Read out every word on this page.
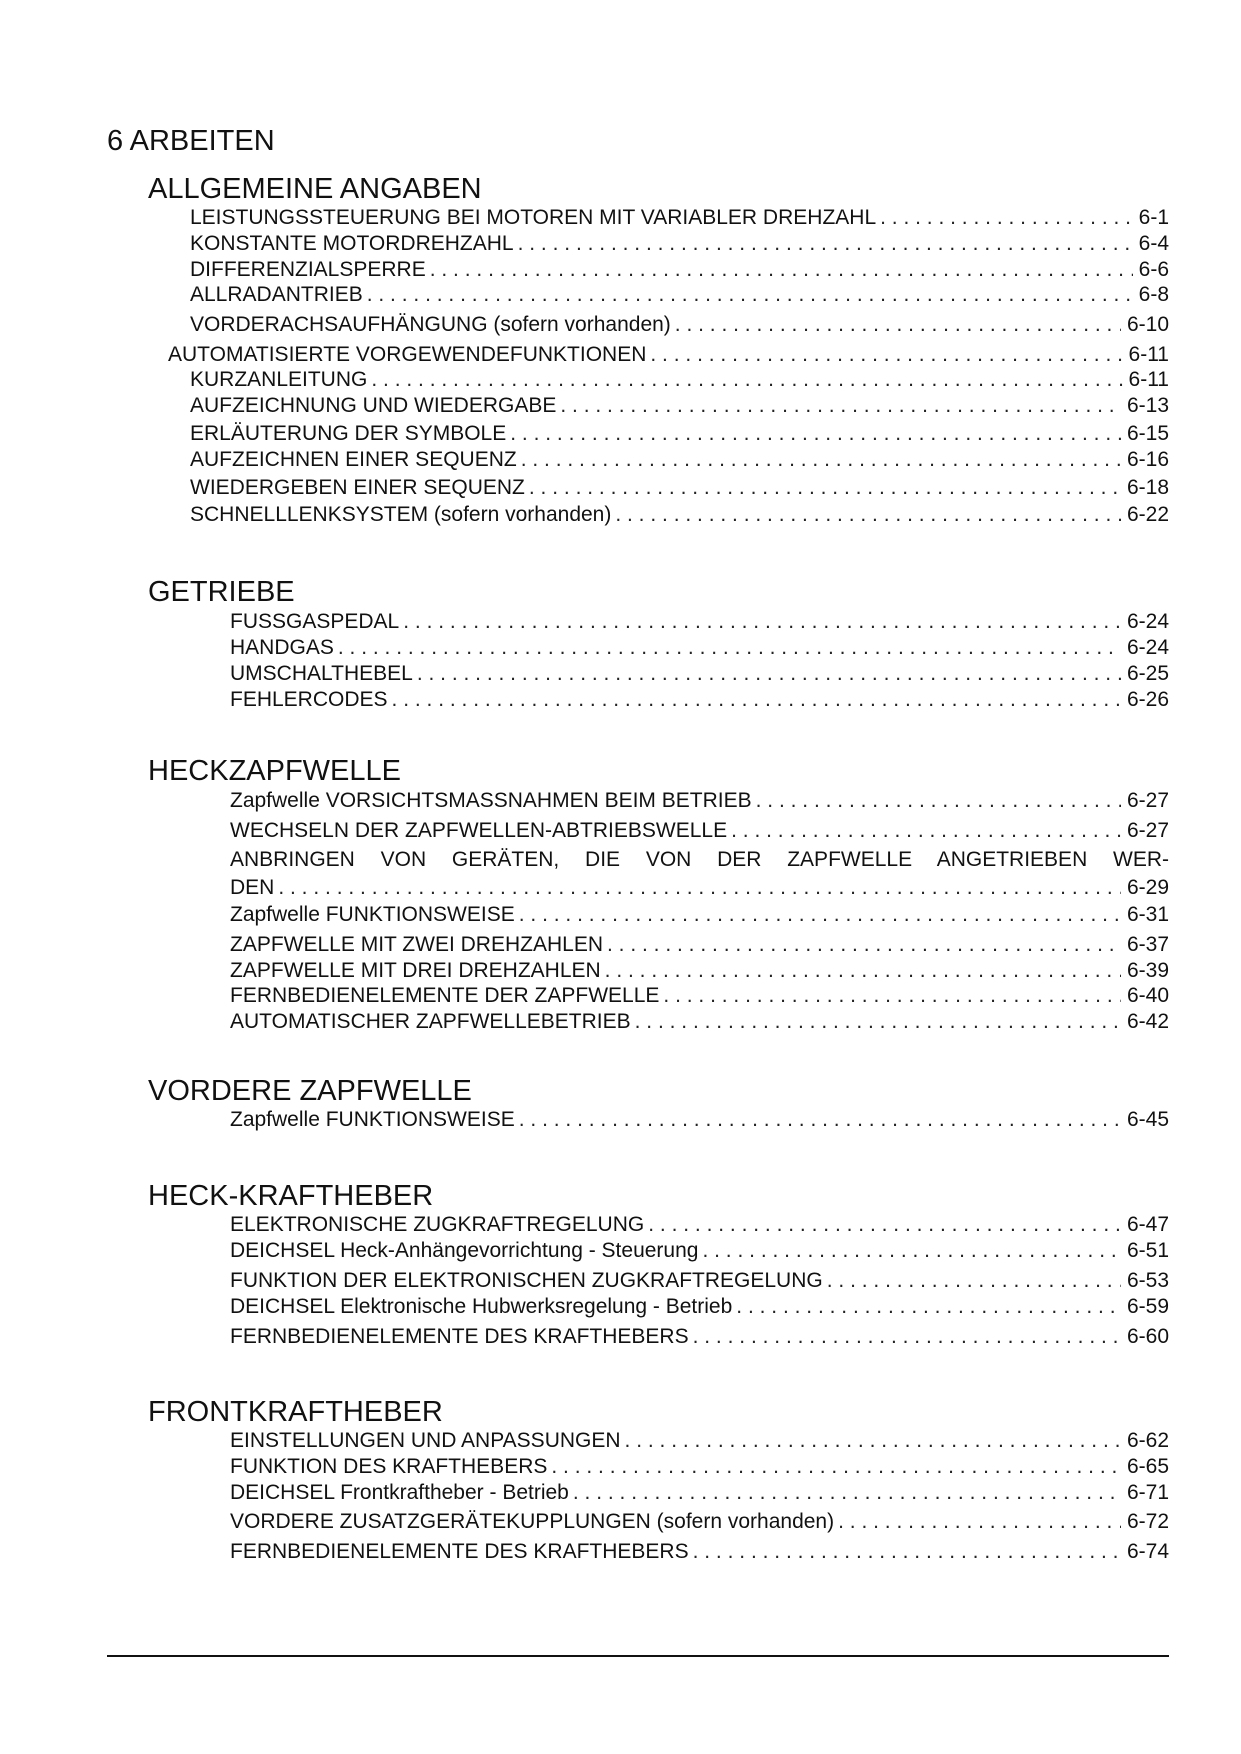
6 ARBEITEN
ALLGEMEINE ANGABEN
LEISTUNGSSTEUERUNG BEI MOTOREN MIT VARIABLER DREHZAHL . . .	6-1
KONSTANTE MOTORDREHZAHL . . .	6-4
DIFFERENZIALSPERRE . . .	6-6
ALLRADANTRIEB . . .	6-8
VORDERACHSAUFHÄNGUNG (sofern vorhanden) . . .	6-10
AUTOMATISIERTE VORGEWENDEFUNKTIONEN . . .	6-11
KURZANLEITUNG . . .	6-11
AUFZEICHNUNG UND WIEDERGABE . . .	6-13
ERLÄUTERUNG DER SYMBOLE . . .	6-15
AUFZEICHNEN EINER SEQUENZ . . .	6-16
WIEDERGEBEN EINER SEQUENZ . . .	6-18
SCHNELLLENKSYSTEM (sofern vorhanden) . . .	6-22
GETRIEBE
FUSSGASPEDAL . . .	6-24
HANDGAS . . .	6-24
UMSCHALTHEBEL . . .	6-25
FEHLERCODES . . .	6-26
HECKZAPFWELLE
Zapfwelle VORSICHTSMASSNAHMEN BEIM BETRIEB . . .	6-27
WECHSELN DER ZAPFWELLEN-ABTRIEBSWELLE . . .	6-27
ANBRINGEN VON GERÄTEN, DIE VON DER ZAPFWELLE ANGETRIEBEN WER-
DEN . . .	6-29
Zapfwelle FUNKTIONSWEISE . . .	6-31
ZAPFWELLE MIT ZWEI DREHZAHLEN . . .	6-37
ZAPFWELLE MIT DREI DREHZAHLEN . . .	6-39
FERNBEDIENELEMENTE DER ZAPFWELLE . . .	6-40
AUTOMATISCHER ZAPFWELLEBETRIEB . . .	6-42
VORDERE ZAPFWELLE
Zapfwelle FUNKTIONSWEISE . . .	6-45
HECK-KRAFTHEBER
ELEKTRONISCHE ZUGKRAFTREGELUNG . . .	6-47
DEICHSEL Heck-Anhängevorrichtung - Steuerung . . .	6-51
FUNKTION DER ELEKTRONISCHEN ZUGKRAFTREGELUNG . . .	6-53
DEICHSEL Elektronische Hubwerksregelung - Betrieb . . .	6-59
FERNBEDIENELEMENTE DES KRAFTHEBERS . . .	6-60
FRONTKRAFTHEBER
EINSTELLUNGEN UND ANPASSUNGEN . . .	6-62
FUNKTION DES KRAFTHEBERS . . .	6-65
DEICHSEL Frontkraftheber - Betrieb . . .	6-71
VORDERE ZUSATZGERÄTEKUPPLUNGEN (sofern vorhanden) . . .	6-72
FERNBEDIENELEMENTE DES KRAFTHEBERS . . .	6-74
